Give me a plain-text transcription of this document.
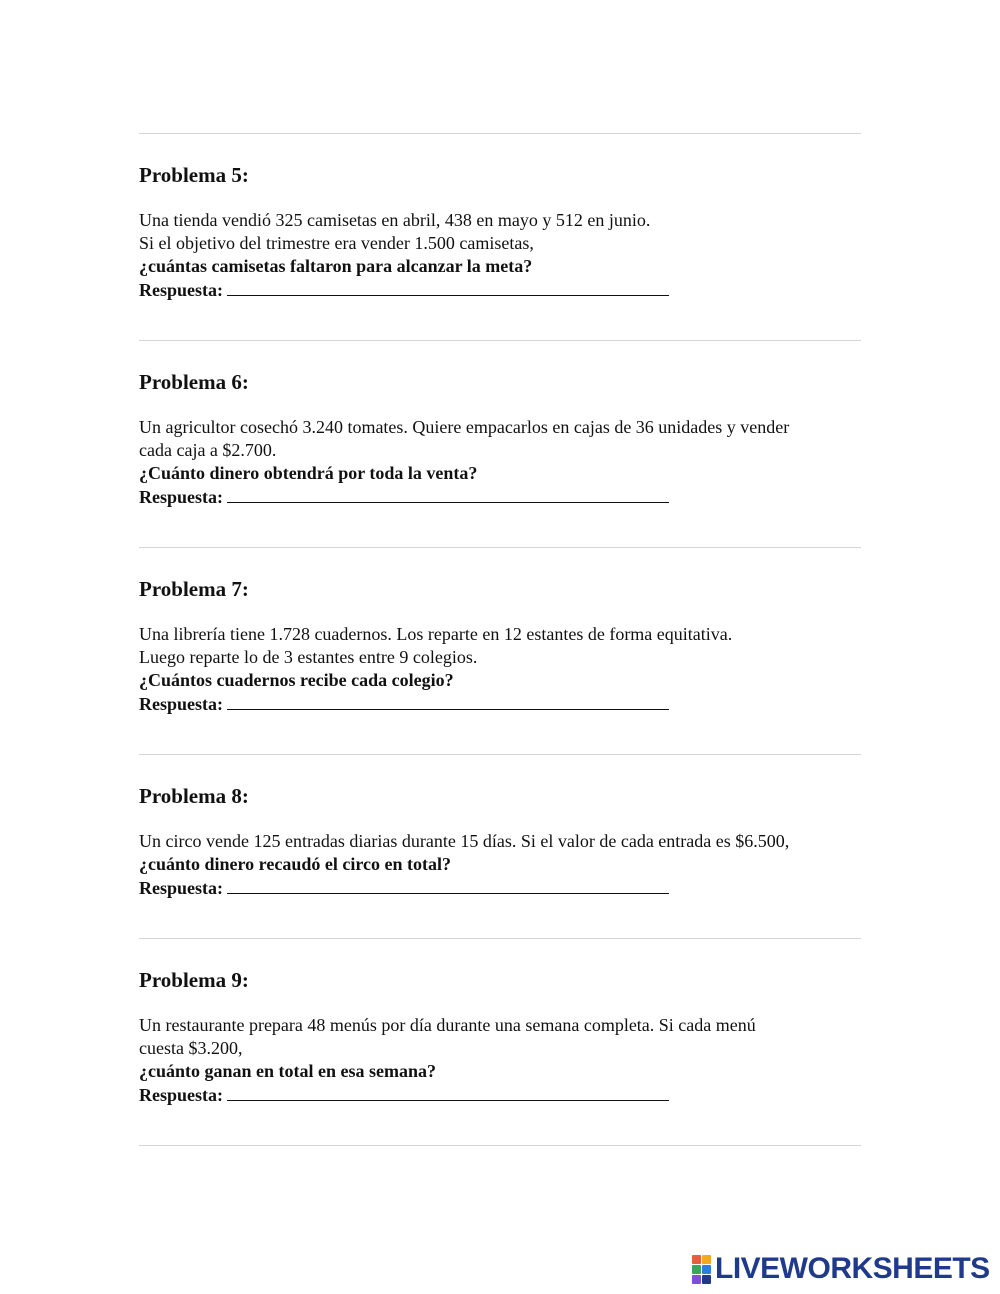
Problema 5:
Una tienda vendió 325 camisetas en abril, 438 en mayo y 512 en junio.
Si el objetivo del trimestre era vender 1.500 camisetas,
¿cuántas camisetas faltaron para alcanzar la meta?
Respuesta:
Problema 6:
Un agricultor cosechó 3.240 tomates. Quiere empacarlos en cajas de 36 unidades y vender
cada caja a $2.700.
¿Cuánto dinero obtendrá por toda la venta?
Respuesta:
Problema 7:
Una librería tiene 1.728 cuadernos. Los reparte en 12 estantes de forma equitativa.
Luego reparte lo de 3 estantes entre 9 colegios.
¿Cuántos cuadernos recibe cada colegio?
Respuesta:
Problema 8:
Un circo vende 125 entradas diarias durante 15 días. Si el valor de cada entrada es $6.500,
¿cuánto dinero recaudó el circo en total?
Respuesta:
Problema 9:
Un restaurante prepara 48 menús por día durante una semana completa. Si cada menú
cuesta $3.200,
¿cuánto ganan en total en esa semana?
Respuesta:
LIVEWORKSHEETS
